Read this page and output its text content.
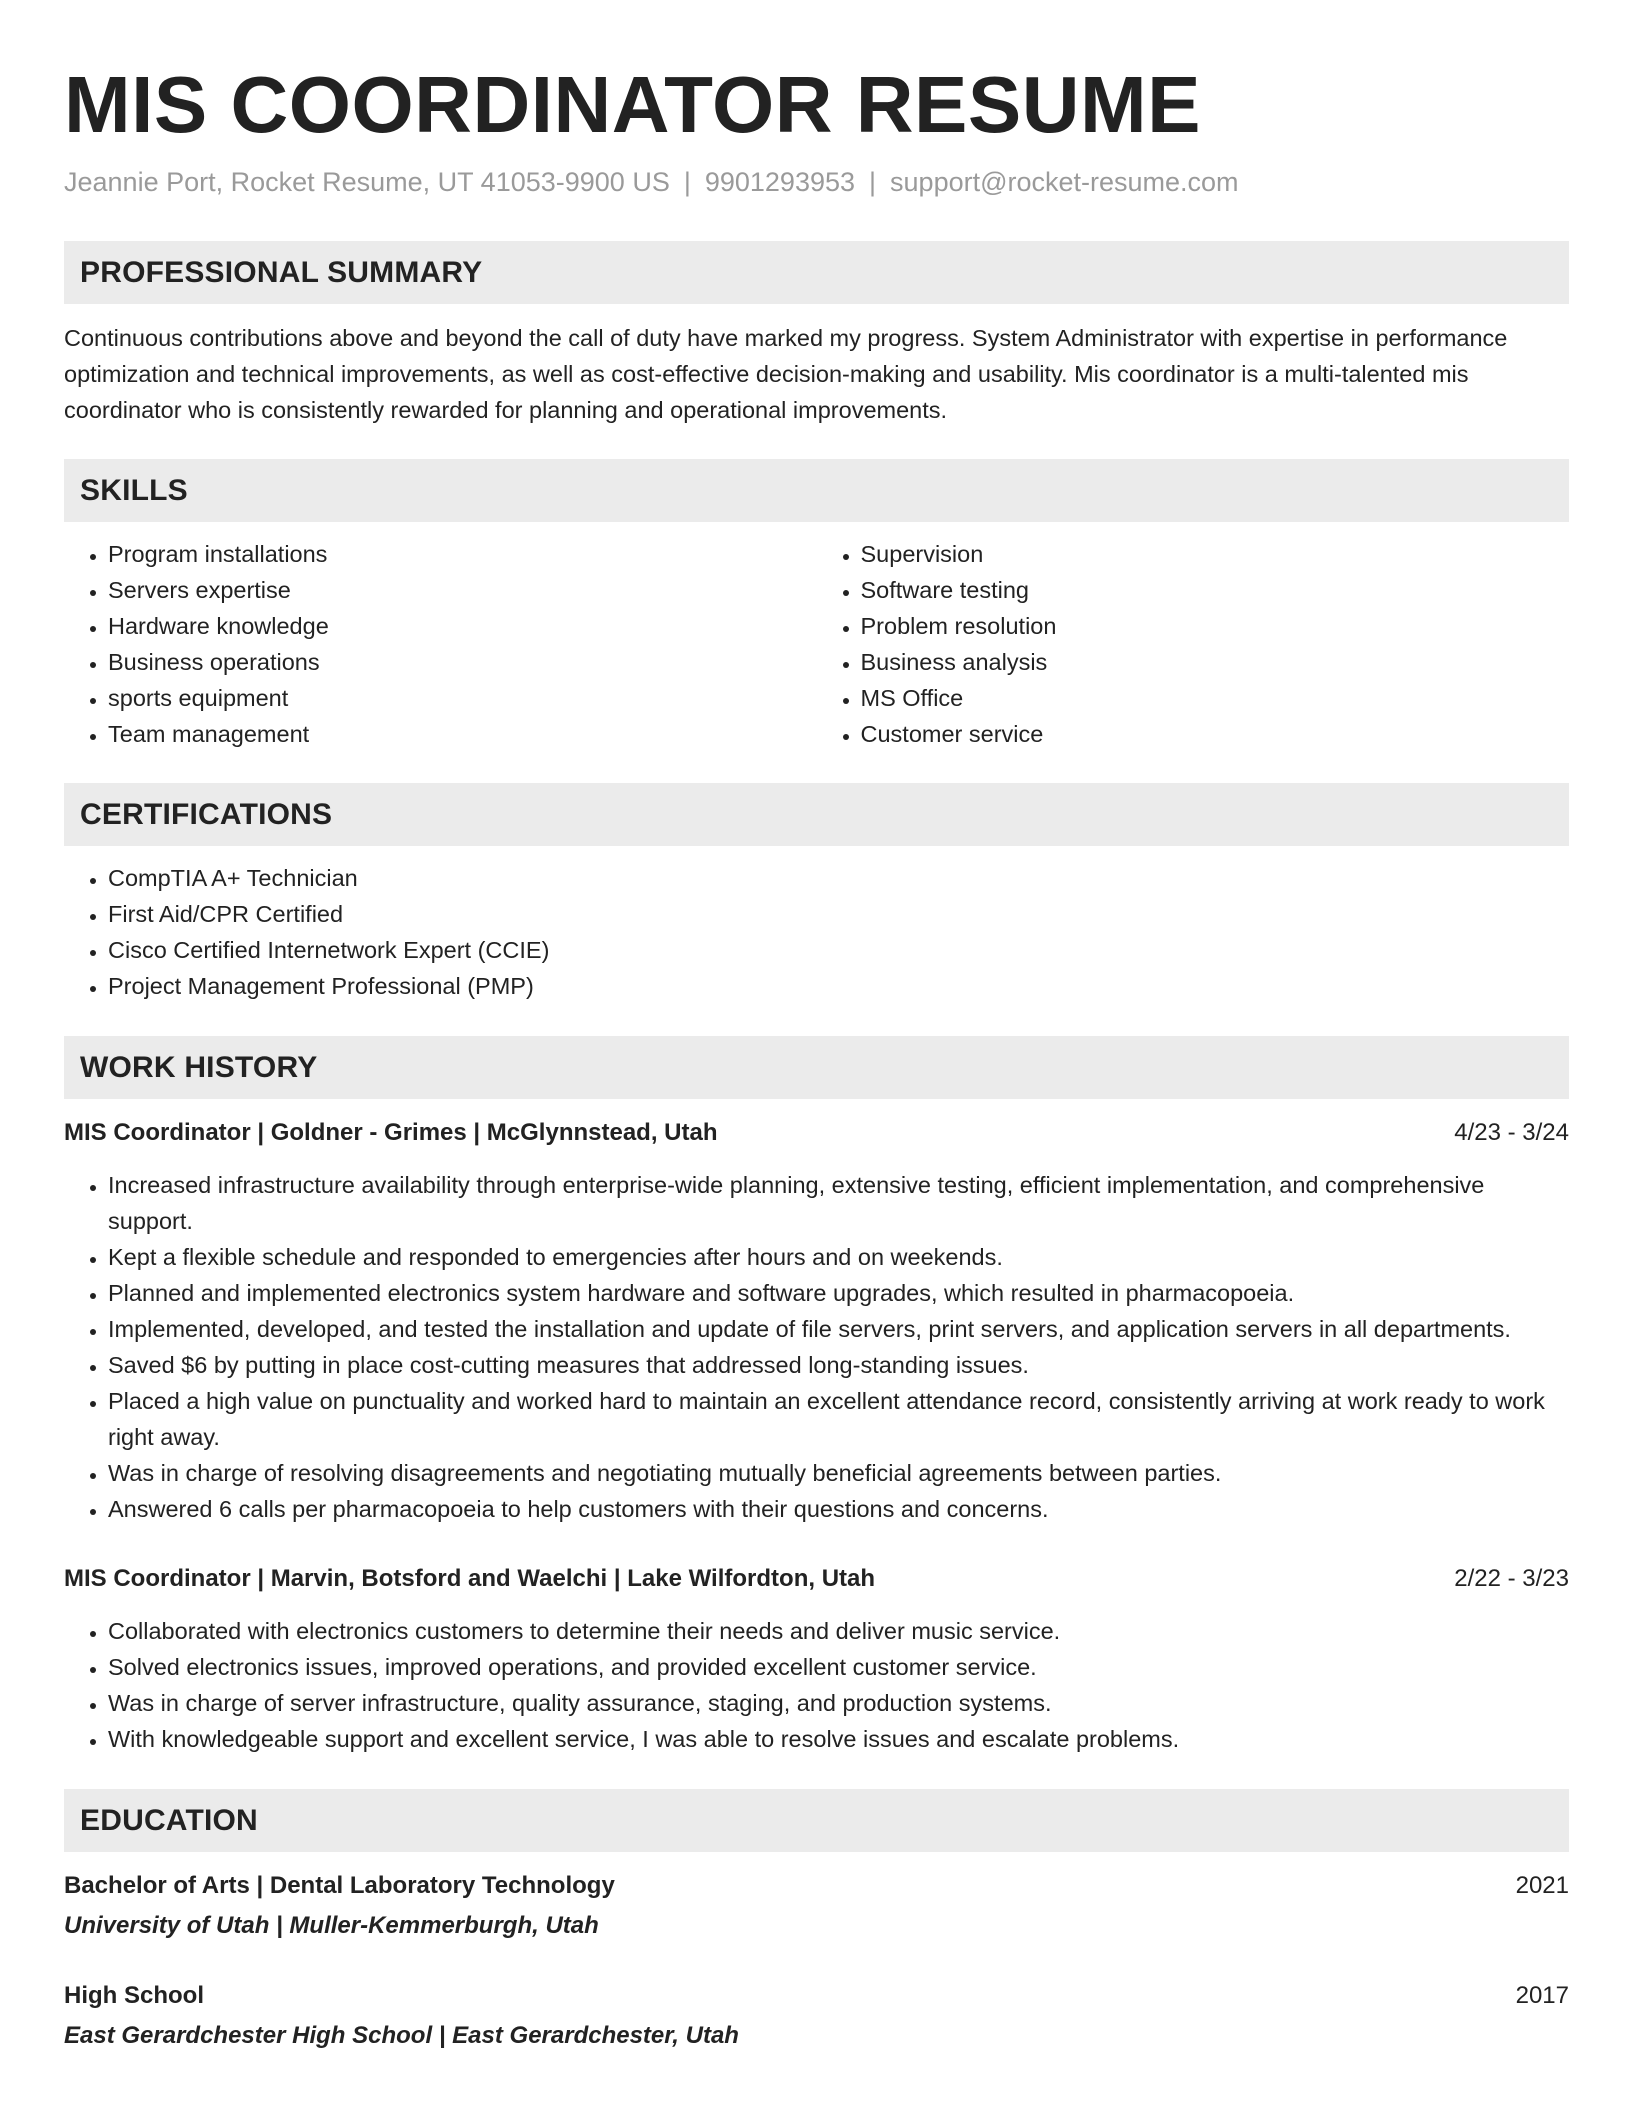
MIS COORDINATOR RESUME
Jeannie Port, Rocket Resume, UT 41053-9900 US | 9901293953 | support@rocket-resume.com
PROFESSIONAL SUMMARY

Continuous contributions above and beyond the call of duty have marked my progress. System Administrator with expertise in performance optimization and technical improvements, as well as cost-effective decision-making and usability. Mis coordinator is a multi-talented mis coordinator who is consistently rewarded for planning and operational improvements.

SKILLS
• Program installations
• Servers expertise
• Hardware knowledge
• Business operations
• sports equipment
• Team management
• Supervision
• Software testing
• Problem resolution
• Business analysis
• MS Office
• Customer service
CERTIFICATIONS
• CompTIA A+ Technician
• First Aid/CPR Certified
• Cisco Certified Internetwork Expert (CCIE)
• Project Management Professional (PMP)
WORK HISTORY
MIS Coordinator | Goldner - Grimes | McGlynnstead, Utah	4/23 - 3/24
• Increased infrastructure availability through enterprise-wide planning, extensive testing, efficient implementation, and comprehensive support.
• Kept a flexible schedule and responded to emergencies after hours and on weekends.
• Planned and implemented electronics system hardware and software upgrades, which resulted in pharmacopoeia.
• Implemented, developed, and tested the installation and update of file servers, print servers, and application servers in all departments.
• Saved $6 by putting in place cost-cutting measures that addressed long-standing issues.
• Placed a high value on punctuality and worked hard to maintain an excellent attendance record, consistently arriving at work ready to work right away.
• Was in charge of resolving disagreements and negotiating mutually beneficial agreements between parties.
• Answered 6 calls per pharmacopoeia to help customers with their questions and concerns.
MIS Coordinator | Marvin, Botsford and Waelchi | Lake Wilfordton, Utah	2/22 - 3/23
• Collaborated with electronics customers to determine their needs and deliver music service.
• Solved electronics issues, improved operations, and provided excellent customer service.
• Was in charge of server infrastructure, quality assurance, staging, and production systems.
• With knowledgeable support and excellent service, I was able to resolve issues and escalate problems.
EDUCATION
Bachelor of Arts | Dental Laboratory Technology	2021
University of Utah | Muller-Kemmerburgh, Utah
High School	2017
East Gerardchester High School | East Gerardchester, Utah
